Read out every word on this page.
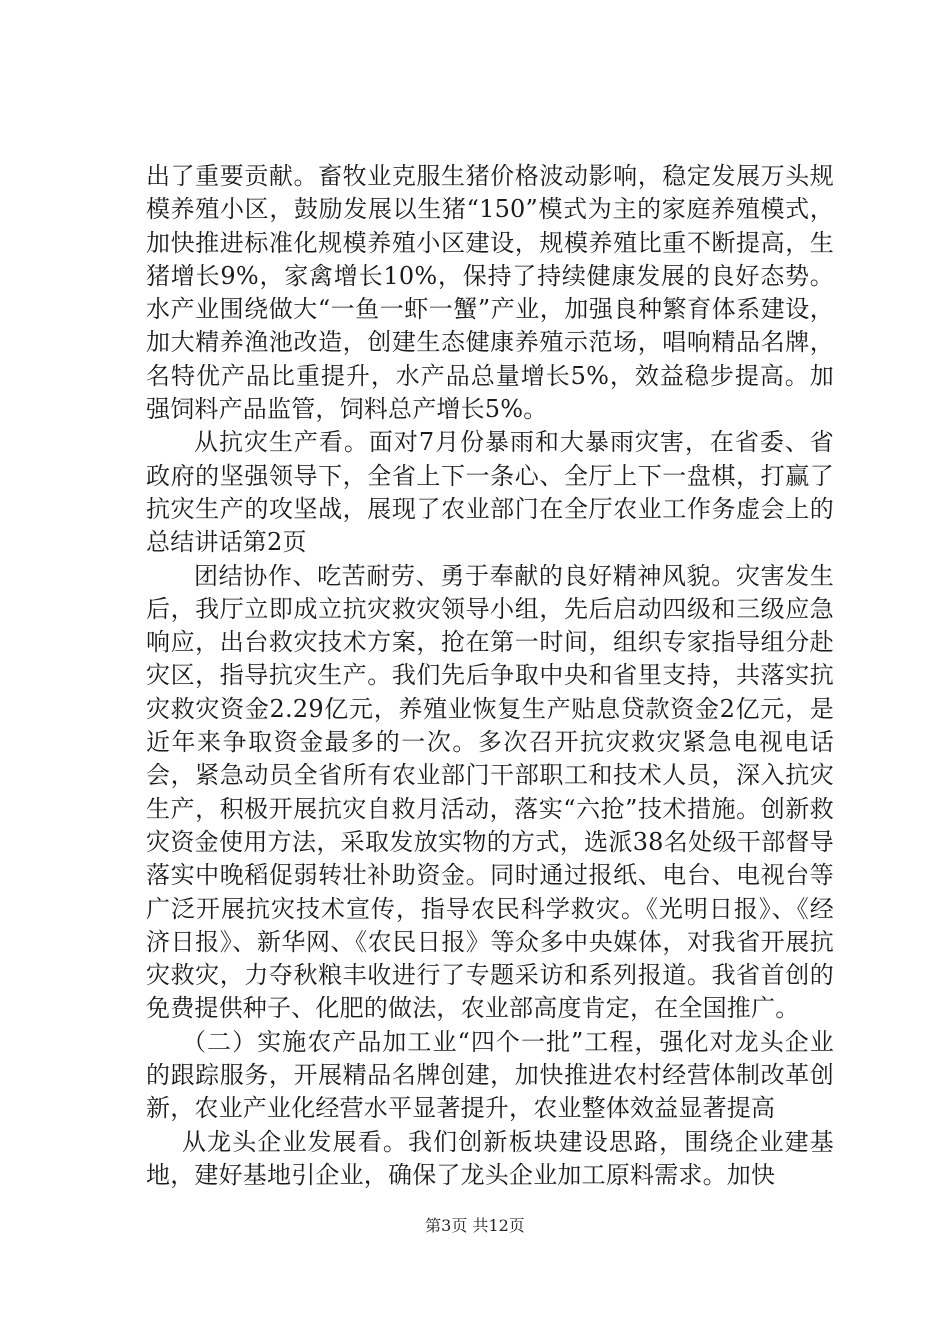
出了重要贡献。畜牧业克服生猪价格波动影响，稳定发展万头规模养殖小区，鼓励发展以生猪“150”模式为主的家庭养殖模式，加快推进标准化规模养殖小区建设，规模养殖比重不断提高，生猪增长9%，家禽增长10%，保持了持续健康发展的良好态势。水产业围绕做大“一鱼一虾一蟹”产业，加强良种繁育体系建设，加大精养渔池改造，创建生态健康养殖示范场，唱响精品名牌，名特优产品比重提升，水产品总量增长5%，效益稳步提高。加强饲料产品监管，饲料总产增长5%。

从抗灾生产看。面对7月份暴雨和大暴雨灾害，在省委、省政府的坚强领导下，全省上下一条心、全厅上下一盘棋，打赢了抗灾生产的攻坚战，展现了农业部门在全厅农业工作务虚会上的总结讲话第2页

团结协作、吃苦耐劳、勇于奉献的良好精神风貌。灾害发生后，我厅立即成立抗灾救灾领导小组，先后启动四级和三级应急响应，出台救灾技术方案，抢在第一时间，组织专家指导组分赴灾区，指导抗灾生产。我们先后争取中央和省里支持，共落实抗灾救灾资金2.29亿元，养殖业恢复生产贴息贷款资金2亿元，是近年来争取资金最多的一次。多次召开抗灾救灾紧急电视电话会，紧急动员全省所有农业部门干部职工和技术人员，深入抗灾生产，积极开展抗灾自救月活动，落实“六抢”技术措施。创新救灾资金使用方法，采取发放实物的方式，选派38名处级干部督导落实中晚稻促弱转壮补助资金。同时通过报纸、电台、电视台等广泛开展抗灾技术宣传，指导农民科学救灾。《光明日报》、《经济日报》、新华网、《农民日报》等众多中央媒体，对我省开展抗灾救灾，力夺秋粮丰收进行了专题采访和系列报道。我省首创的免费提供种子、化肥的做法，农业部高度肯定，在全国推广。

（二）实施农产品加工业“四个一批”工程，强化对龙头企业的跟踪服务，开展精品名牌创建，加快推进农村经营体制改革创新，农业产业化经营水平显著提升，农业整体效益显著提高

从龙头企业发展看。我们创新板块建设思路，围绕企业建基地，建好基地引企业，确保了龙头企业加工原料需求。加快

第3页 共12页
